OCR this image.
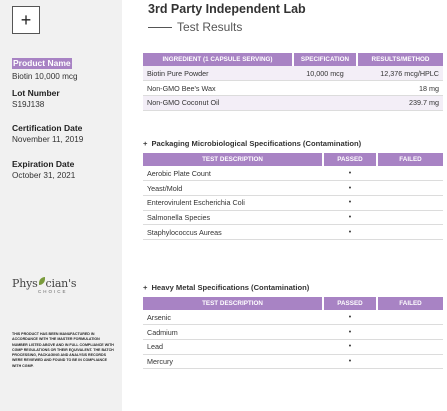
+
Product Name
Biotin 10,000 mcg
Lot Number
S19J138
Certification Date
November 11, 2019
Expiration Date
October 31, 2021
Phys cian's
CHOICE
THIS PRODUCT HAS BEEN MANUFACTURED IN ACCORDANCE WITH THE MASTER FORMULATION NUMBER LISTED ABOVE AND IN FULL COMPLIANCE WITH CGMP REGULATIONS OR THEIR EQUIVALENT. THE BATCH PROCESSING, PACKAGING AND ANALYSIS RECORDS WERE REVIEWED AND FOUND TO BE IN COMPLIANCE WITH CGMP.
3rd Party Independent Lab
Test Results
INGREDIENT (1 CAPSULE SERVING)	SPECIFICATION	RESULTS/METHOD
Biotin Pure Powder	10,000 mcg	12,376 mcg/HPLC
Non-GMO Bee's Wax		18 mg
Non-GMO Coconut Oil		239.7 mg
+ Packaging Microbiological Specifications (Contamination)
TEST DESCRIPTION	PASSED	FAILED
Aerobic Plate Count	•	
Yeast/Mold	•	
Enterovirulent Escherichia Coli	•	
Salmonella Species	•	
Staphylococcus Aureas	•	
+ Heavy Metal Specifications (Contamination)
TEST DESCRIPTION	PASSED	FAILED
Arsenic	•	
Cadmium	•	
Lead	•	
Mercury	•	
